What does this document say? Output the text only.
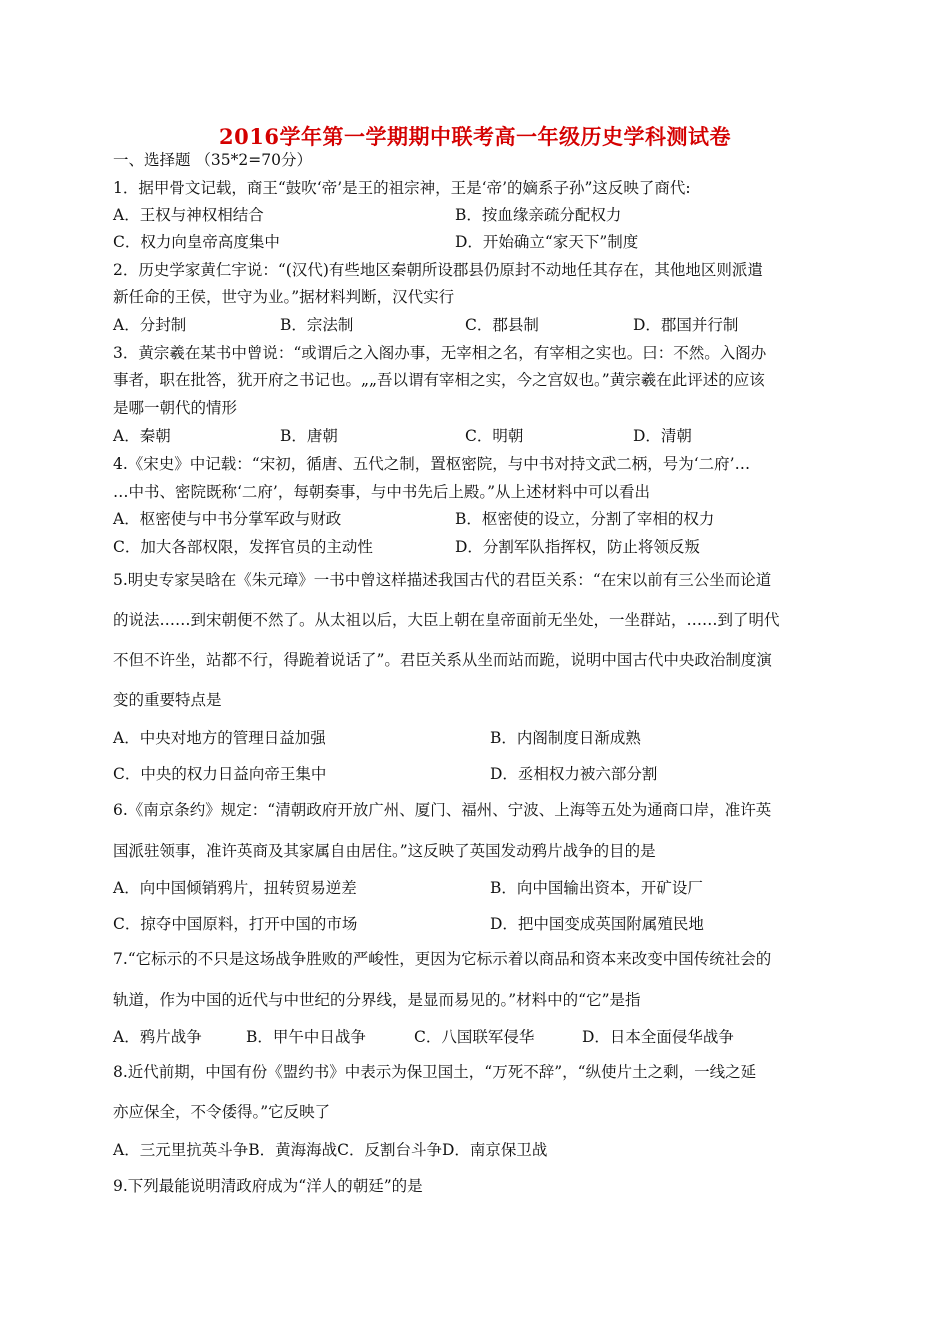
2016学年第一学期期中联考高一年级历史学科测试卷
一、选择题 （35*2=70分）
1．据甲骨文记载，商王“鼓吹‘帝’是王的祖宗神，王是‘帝’的嫡系子孙”这反映了商代:
A．王权与神权相结合	B．按血缘亲疏分配权力
C．权力向皇帝高度集中	D．开始确立“家天下”制度
2．历史学家黄仁宇说：“(汉代)有些地区秦朝所设郡县仍原封不动地任其存在，其他地区则派遣
新任命的王侯，世守为业。”据材料判断，汉代实行
A．分封制	B．宗法制	C．郡县制	D．郡国并行制
3．黄宗羲在某书中曾说：“或谓后之入阁办事，无宰相之名，有宰相之实也。曰：不然。入阁办
事者，职在批答，犹开府之书记也。„„吾以谓有宰相之实，今之宫奴也。”黄宗羲在此评述的应该
是哪一朝代的情形
A．秦朝	B．唐朝	C．明朝	D．清朝
4.《宋史》中记载：“宋初，循唐、五代之制，置枢密院，与中书对持文武二柄，号为‘二府’…
…中书、密院既称‘二府’，每朝奏事，与中书先后上殿。”从上述材料中可以看出
A．枢密使与中书分掌军政与财政	B．枢密使的设立，分割了宰相的权力
C．加大各部权限，发挥官员的主动性	D．分割军队指挥权，防止将领反叛
5.明史专家吴晗在《朱元璋》一书中曾这样描述我国古代的君臣关系：“在宋以前有三公坐而论道
的说法……到宋朝便不然了。从太祖以后，大臣上朝在皇帝面前无坐处，一坐群站，……到了明代
不但不许坐，站都不行，得跪着说话了”。君臣关系从坐而站而跪，说明中国古代中央政治制度演
变的重要特点是
A．中央对地方的管理日益加强	B．内阁制度日渐成熟
C．中央的权力日益向帝王集中	D．丞相权力被六部分割
6.《南京条约》规定：“清朝政府开放广州、厦门、福州、宁波、上海等五处为通商口岸，准许英
国派驻领事，准许英商及其家属自由居住。”这反映了英国发动鸦片战争的目的是
A．向中国倾销鸦片，扭转贸易逆差	B．向中国输出资本，开矿设厂
C．掠夺中国原料，打开中国的市场	D．把中国变成英国附属殖民地
7.“它标示的不只是这场战争胜败的严峻性，更因为它标示着以商品和资本来改变中国传统社会的
轨道，作为中国的近代与中世纪的分界线，是显而易见的。”材料中的“它”是指
A．鸦片战争	B．甲午中日战争	C．八国联军侵华	D．日本全面侵华战争
8.近代前期，中国有份《盟约书》中表示为保卫国土，“万死不辞”，“纵使片土之剩，一线之延
亦应保全，不令倭得。”它反映了
A．三元里抗英斗争B．黄海海战C．反割台斗争D．南京保卫战
9.下列最能说明清政府成为“洋人的朝廷”的是
